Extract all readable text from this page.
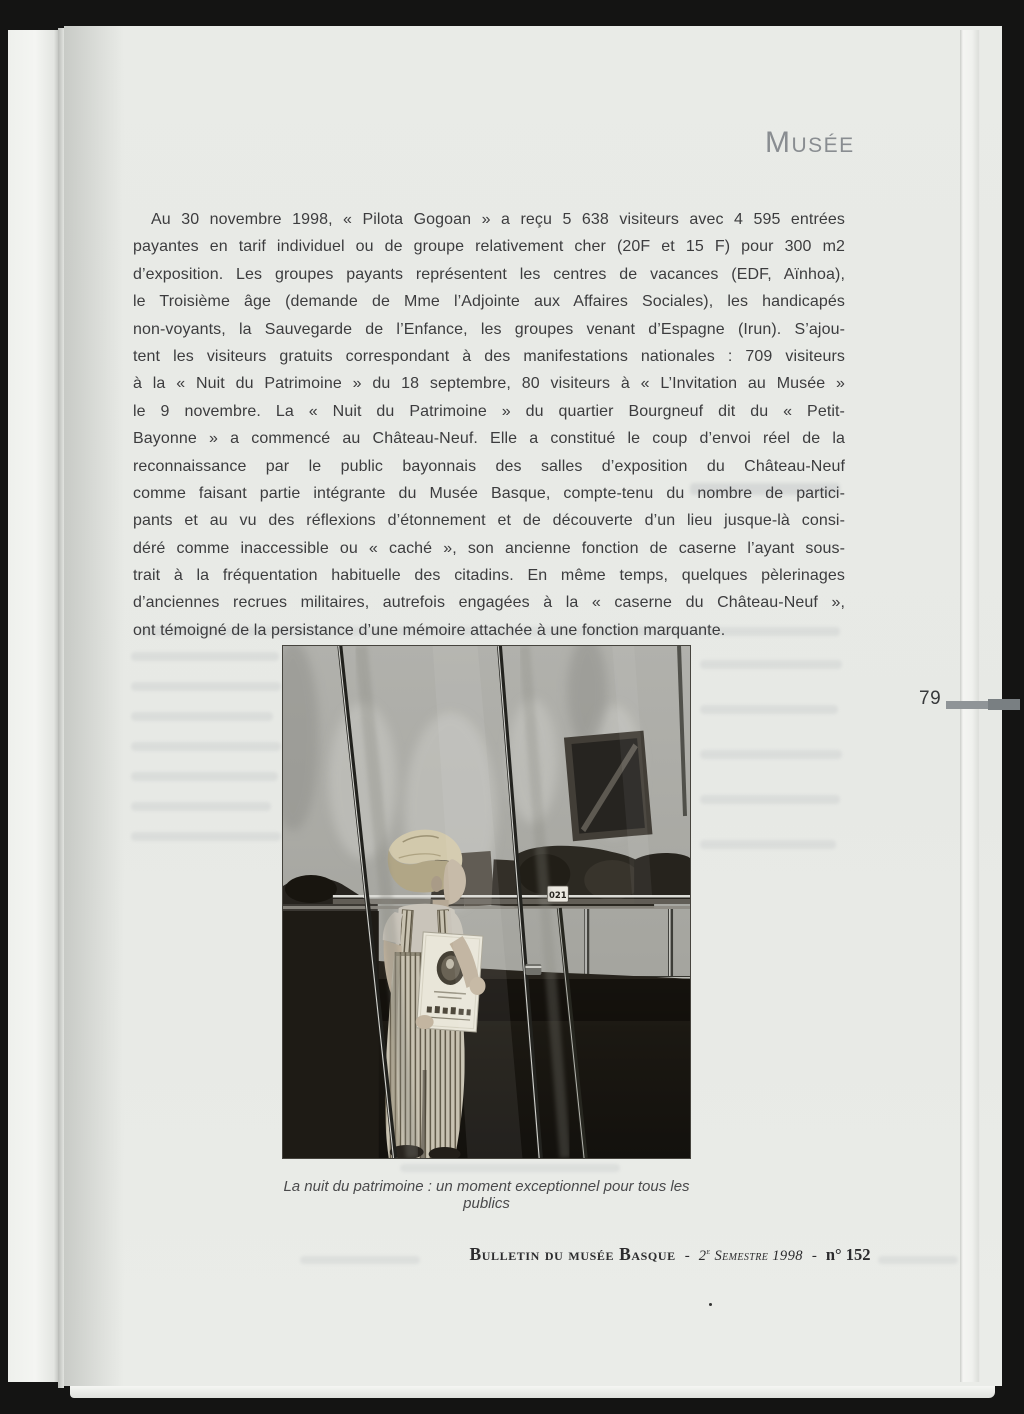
Musée
Au 30 novembre 1998, « Pilota Gogoan » a reçu 5 638 visiteurs avec 4 595 entrées
payantes en tarif individuel ou de groupe relativement cher (20F et 15 F) pour 300 m2
d’exposition. Les groupes payants représentent les centres de vacances (EDF, Aïnhoa),
le Troisième âge (demande de Mme l’Adjointe aux Affaires Sociales), les handicapés
non-voyants, la Sauvegarde de l’Enfance, les groupes venant d’Espagne (Irun). S’ajou-
tent les visiteurs gratuits correspondant à des manifestations nationales : 709 visiteurs
à la « Nuit du Patrimoine » du 18 septembre, 80 visiteurs à « L’Invitation au Musée »
le 9 novembre. La « Nuit du Patrimoine » du quartier Bourgneuf dit du « Petit-
Bayonne » a commencé au Château-Neuf. Elle a constitué le coup d’envoi réel de la
reconnaissance par le public bayonnais des salles d’exposition du Château-Neuf
comme faisant partie intégrante du Musée Basque, compte-tenu du nombre de partici-
pants et au vu des réflexions d’étonnement et de découverte d’un lieu jusque-là consi-
déré comme inaccessible ou « caché », son ancienne fonction de caserne l’ayant sous-
trait à la fréquentation habituelle des citadins. En même temps, quelques pèlerinages
d’anciennes recrues militaires, autrefois engagées à la « caserne du Château-Neuf »,
ont témoigné de la persistance d’une mémoire attachée à une fonction marquante.
021
La nuit du patrimoine : un moment exceptionnel pour tous les publics
Bulletin du musée Basque - 2e Semestre 1998 - n° 152
79
